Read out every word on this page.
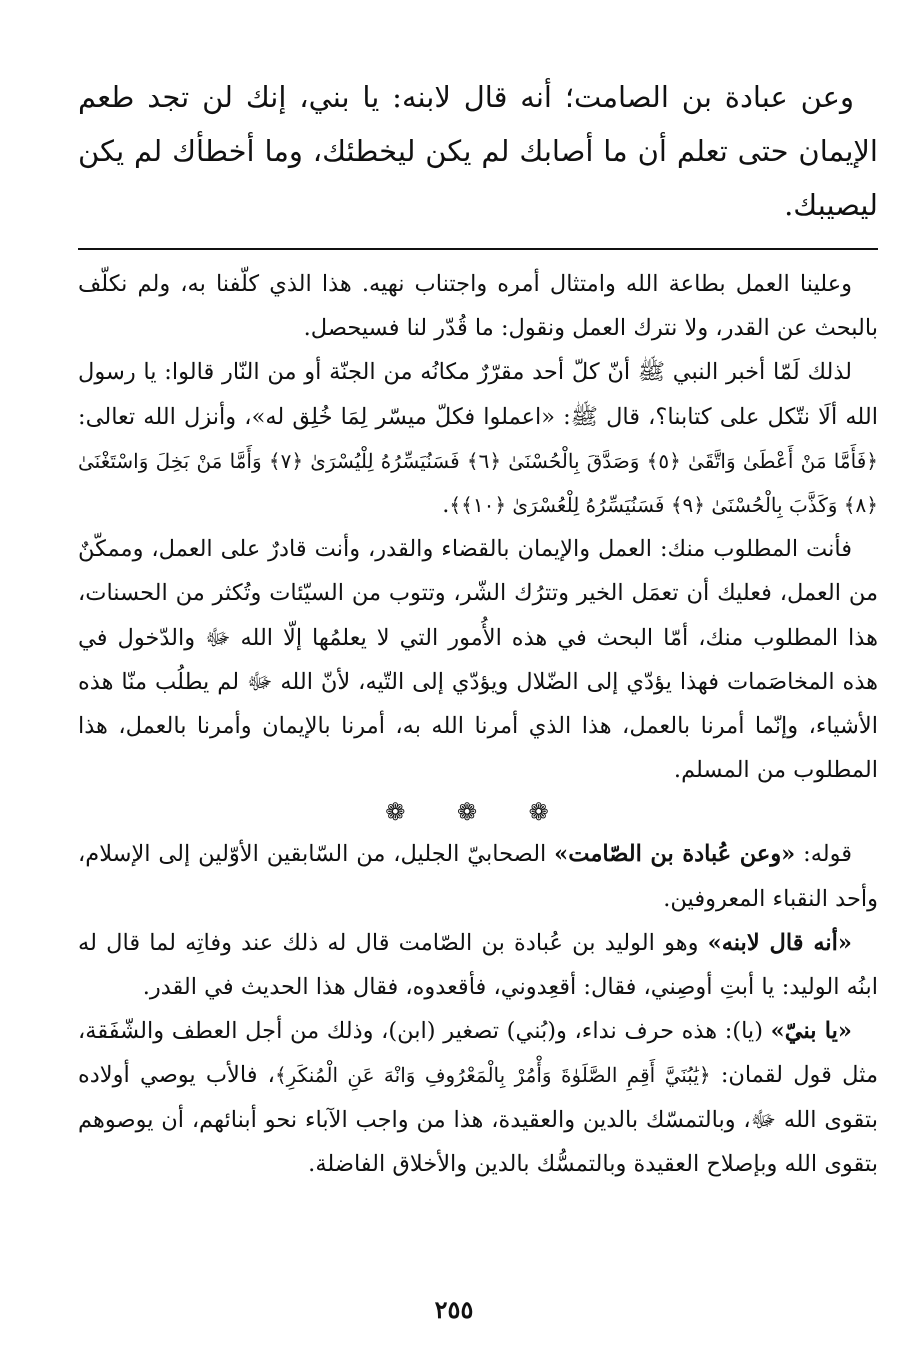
وعن عبادة بن الصامت؛ أنه قال لابنه: يا بني، إنك لن تجد طعم الإيمان حتى تعلم أن ما أصابك لم يكن ليخطئك، وما أخطأك لم يكن ليصيبك.

وعلينا العمل بطاعة الله وامتثال أمره واجتناب نهيه. هذا الذي كلّفنا به، ولم نكلّف بالبحث عن القدر، ولا نترك العمل ونقول: ما قُدّر لنا فسيحصل.

لذلك لَمّا أخبر النبي ﷺ أنّ كلّ أحد مقرّرٌ مكانُه من الجنّة أو من النّار قالوا: يا رسول الله ألَا نتّكل على كتابنا؟، قال ﷺ: «اعملوا فكلّ ميسّر لِمَا خُلِق له»، وأنزل الله تعالى: ﴿فَأَمَّا مَنْ أَعْطَىٰ وَاتَّقَىٰ ﴿٥﴾ وَصَدَّقَ بِالْحُسْنَىٰ ﴿٦﴾ فَسَنُيَسِّرُهُ لِلْيُسْرَىٰ ﴿٧﴾ وَأَمَّا مَنْ بَخِلَ وَاسْتَغْنَىٰ ﴿٨﴾ وَكَذَّبَ بِالْحُسْنَىٰ ﴿٩﴾ فَسَنُيَسِّرُهُ لِلْعُسْرَىٰ ﴿١٠﴾﴾.

فأنت المطلوب منك: العمل والإيمان بالقضاء والقدر، وأنت قادرٌ على العمل، وممكّنٌ من العمل، فعليك أن تعمَل الخير وتترُك الشّر، وتتوب من السيّئات وتُكثر من الحسنات، هذا المطلوب منك، أمّا البحث في هذه الأُمور التي لا يعلمُها إلّا الله ﷻ والدّخول في هذه المخاصَمات فهذا يؤدّي إلى الضّلال ويؤدّي إلى التّيه، لأنّ الله ﷻ لم يطلُب منّا هذه الأشياء، وإنّما أمرنا بالعمل، هذا الذي أمرنا الله به، أمرنا بالإيمان وأمرنا بالعمل، هذا المطلوب من المسلم.

❁ ❁ ❁

قوله: «وعن عُبادة بن الصّامت» الصحابيّ الجليل، من السّابقين الأوّلين إلى الإسلام، وأحد النقباء المعروفين.

«أنه قال لابنه» وهو الوليد بن عُبادة بن الصّامت قال له ذلك عند وفاتِه لما قال له ابنُه الوليد: يا أبتِ أوصِني، فقال: أقعِدوني، فأقعدوه، فقال هذا الحديث في القدر.

«يا بنيّ» (يا): هذه حرف نداء، و(بُني) تصغير (ابن)، وذلك من أجل العطف والشّفَقة، مثل قول لقمان: ﴿يَٰبُنَيَّ أَقِمِ الصَّلَوٰةَ وَأْمُرْ بِالْمَعْرُوفِ وَانْهَ عَنِ الْمُنكَرِ﴾، فالأب يوصي أولاده بتقوى الله ﷻ، وبالتمسّك بالدين والعقيدة، هذا من واجب الآباء نحو أبنائهم، أن يوصوهم بتقوى الله وبإصلاح العقيدة وبالتمسُّك بالدين والأخلاق الفاضلة.

٢٥٥
